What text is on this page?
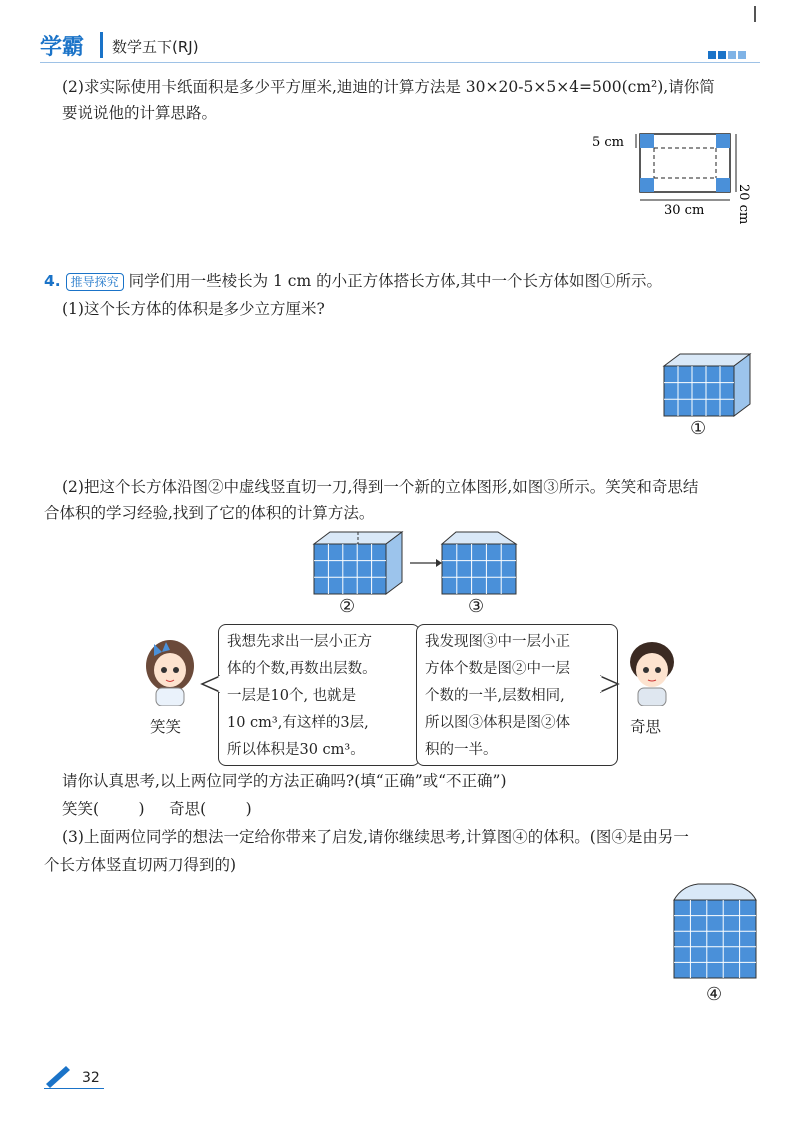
学霸 数学五下(RJ)
(2)求实际使用卡纸面积是多少平方厘米,迪迪的计算方法是 30×20-5×5×4=500(cm²),请你简
要说说他的计算思路。
5 cm
30 cm 20 cm
4. 推导探究 同学们用一些棱长为 1 cm 的小正方体搭长方体,其中一个长方体如图①所示。
(1)这个长方体的体积是多少立方厘米?
①
(2)把这个长方体沿图②中虚线竖直切一刀,得到一个新的立体图形,如图③所示。笑笑和奇思结
合体积的学习经验,找到了它的体积的计算方法。
②	③
笑笑
我想先求出一层小正方
体的个数,再数出层数。
一层是10个, 也就是
10 cm³,有这样的3层,
所以体积是30 cm³。
我发现图③中一层小正
方体个数是图②中一层
个数的一半,层数相同,
所以图③体积是图②体
积的一半。
奇思
请你认真思考,以上两位同学的方法正确吗?(填“正确”或“不正确”)
笑笑(        )     奇思(        )
(3)上面两位同学的想法一定给你带来了启发,请你继续思考,计算图④的体积。(图④是由另一
个长方体竖直切两刀得到的)
④
32
